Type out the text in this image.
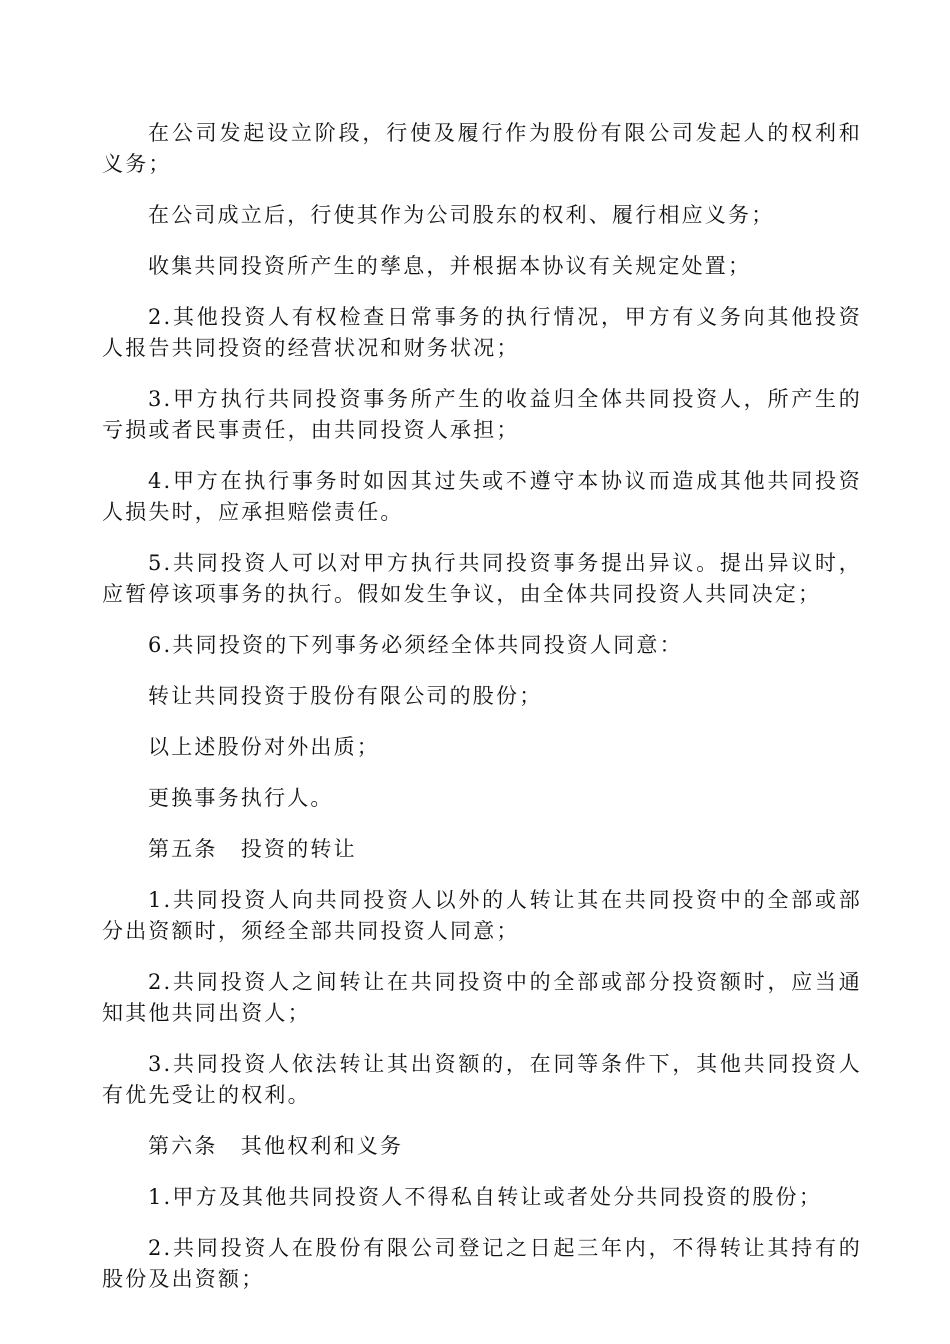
在公司发起设立阶段，行使及履行作为股份有限公司发起人的权利和义务；

在公司成立后，行使其作为公司股东的权利、履行相应义务；

收集共同投资所产生的孳息，并根据本协议有关规定处置；

2.其他投资人有权检查日常事务的执行情况，甲方有义务向其他投资人报告共同投资的经营状况和财务状况；

3.甲方执行共同投资事务所产生的收益归全体共同投资人，所产生的亏损或者民事责任，由共同投资人承担；

4.甲方在执行事务时如因其过失或不遵守本协议而造成其他共同投资人损失时，应承担赔偿责任。

5.共同投资人可以对甲方执行共同投资事务提出异议。提出异议时，应暂停该项事务的执行。假如发生争议，由全体共同投资人共同决定；

6.共同投资的下列事务必须经全体共同投资人同意：

转让共同投资于股份有限公司的股份；

以上述股份对外出质；

更换事务执行人。

第五条　投资的转让

1.共同投资人向共同投资人以外的人转让其在共同投资中的全部或部分出资额时，须经全部共同投资人同意；

2.共同投资人之间转让在共同投资中的全部或部分投资额时，应当通知其他共同出资人；

3.共同投资人依法转让其出资额的，在同等条件下，其他共同投资人有优先受让的权利。

第六条　其他权利和义务

1.甲方及其他共同投资人不得私自转让或者处分共同投资的股份；

2.共同投资人在股份有限公司登记之日起三年内，不得转让其持有的股份及出资额；
